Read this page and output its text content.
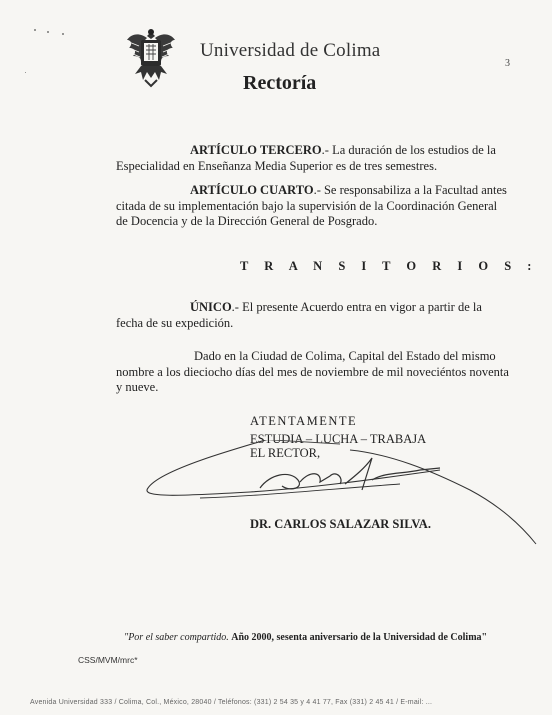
Universidad de Colima
Rectoría
3
ARTÍCULO TERCERO.- La duración de los estudios de la Especialidad en Enseñanza Media Superior es de tres semestres.
ARTÍCULO CUARTO.- Se responsabiliza a la Facultad antes citada de su implementación bajo la supervisión de la Coordinación General de Docencia y de la Dirección General de Posgrado.
T R A N S I T O R I O S :
ÚNICO.- El presente Acuerdo entra en vigor a partir de la fecha de su expedición.
Dado en la Ciudad de Colima, Capital del Estado del mismo nombre a los dieciocho días del mes de noviembre de mil noveciéntos noventa y nueve.
ATENTAMENTE
ESTUDIA – LUCHA – TRABAJA
EL RECTOR,
DR. CARLOS SALAZAR SILVA.
"Por el saber compartido. Año 2000, sesenta aniversario de la Universidad de Colima"
CSS/MVM/mrc*
Avenida Universidad 333 / Colima, Col., México, 28040 / Teléfonos: (331) 2 54 35 y 4 41 77, Fax (331) 2 45 41 / E-mail: ...
